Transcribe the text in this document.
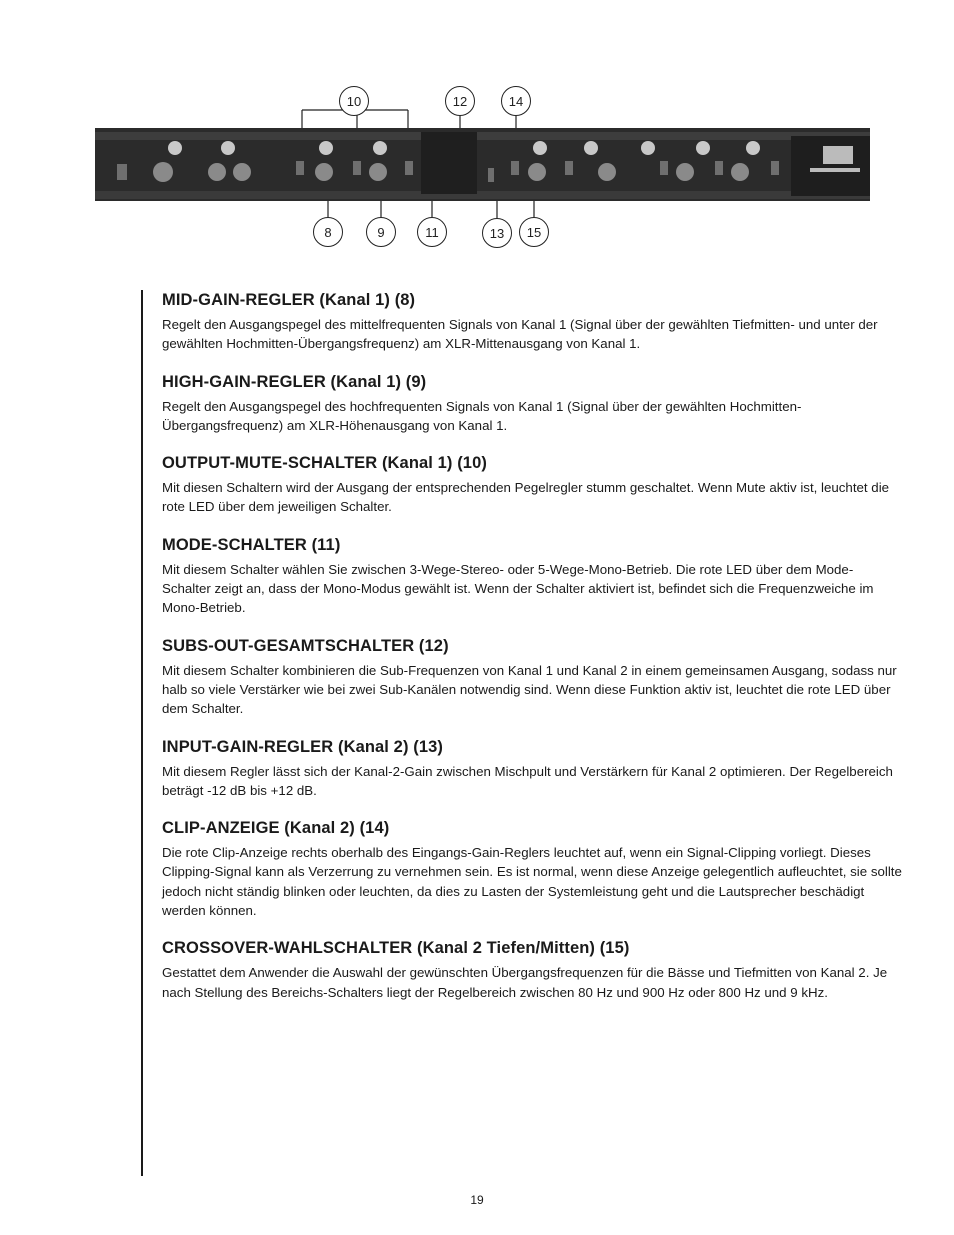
10	12	14
8	9	11	13	15
MID-GAIN-REGLER (Kanal 1) (8)

Regelt den Ausgangspegel des mittelfrequenten Signals von Kanal 1 (Signal über der gewählten Tiefmitten- und unter der gewählten Hochmitten-Übergangsfrequenz) am XLR-Mittenausgang von Kanal 1.

HIGH-GAIN-REGLER (Kanal 1) (9)

Regelt den Ausgangspegel des hochfrequenten Signals von Kanal 1 (Signal über der gewählten Hochmitten-Übergangsfrequenz) am XLR-Höhenausgang von Kanal 1.

OUTPUT-MUTE-SCHALTER (Kanal 1) (10)

Mit diesen Schaltern wird der Ausgang der entsprechenden Pegelregler stumm geschaltet. Wenn Mute aktiv ist, leuchtet die rote LED über dem jeweiligen Schalter.

MODE-SCHALTER (11)

Mit diesem Schalter wählen Sie zwischen 3-Wege-Stereo- oder 5-Wege-Mono-Betrieb. Die rote LED über dem Mode-Schalter zeigt an, dass der Mono-Modus gewählt ist. Wenn der Schalter aktiviert ist, befindet sich die Frequenzweiche im Mono-Betrieb.

SUBS-OUT-GESAMTSCHALTER (12)

Mit diesem Schalter kombinieren die Sub-Frequenzen von Kanal 1 und Kanal 2 in einem gemeinsamen Ausgang, sodass nur halb so viele Verstärker wie bei zwei Sub-Kanälen notwendig sind. Wenn diese Funktion aktiv ist, leuchtet die rote LED über dem Schalter.

INPUT-GAIN-REGLER (Kanal 2) (13)

Mit diesem Regler lässt sich der Kanal-2-Gain zwischen Mischpult und Verstärkern für Kanal 2 optimieren. Der Regelbereich beträgt -12 dB bis +12 dB.

CLIP-ANZEIGE (Kanal 2) (14)

Die rote Clip-Anzeige rechts oberhalb des Eingangs-Gain-Reglers leuchtet auf, wenn ein Signal-Clipping vorliegt. Dieses Clipping-Signal kann als Verzerrung zu vernehmen sein. Es ist normal, wenn diese Anzeige gelegentlich aufleuchtet, sie sollte jedoch nicht ständig blinken oder leuchten, da dies zu Lasten der Systemleistung geht und die Lautsprecher beschädigt werden können.

CROSSOVER-WAHLSCHALTER (Kanal 2 Tiefen/Mitten) (15)

Gestattet dem Anwender die Auswahl der gewünschten Übergangsfrequenzen für die Bässe und Tiefmitten von Kanal 2. Je nach Stellung des Bereichs-Schalters liegt der Regelbereich zwischen 80 Hz und 900 Hz oder 800 Hz und 9 kHz.

19
